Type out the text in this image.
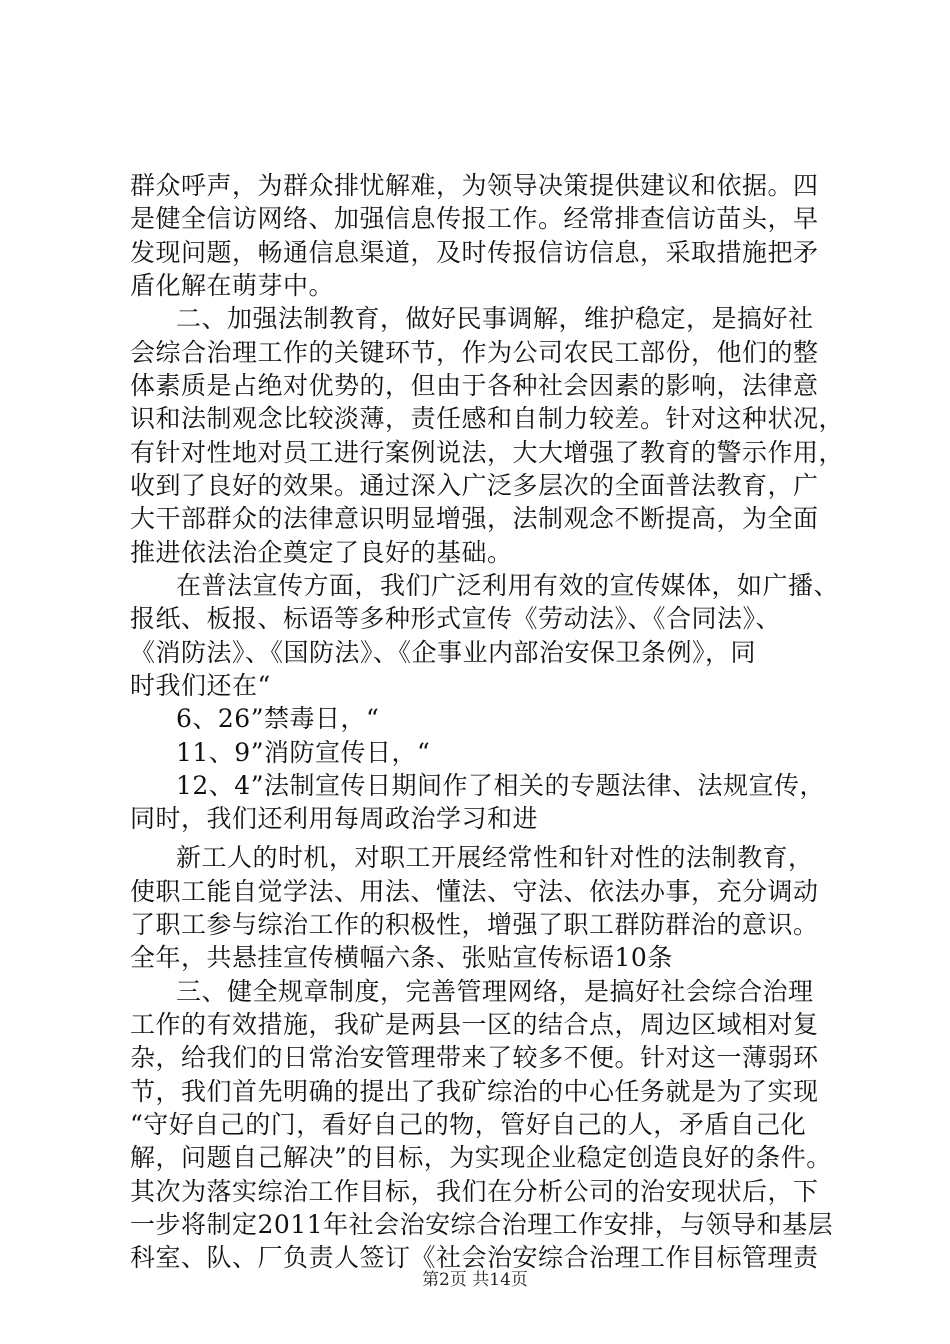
群众呼声，为群众排忧解难，为领导决策提供建议和依据。四
是健全信访网络、加强信息传报工作。经常排查信访苗头，早
发现问题，畅通信息渠道，及时传报信访信息，采取措施把矛
盾化解在萌芽中。
二、加强法制教育，做好民事调解，维护稳定，是搞好社
会综合治理工作的关键环节，作为公司农民工部份，他们的整
体素质是占绝对优势的，但由于各种社会因素的影响，法律意
识和法制观念比较淡薄，责任感和自制力较差。针对这种状况，
有针对性地对员工进行案例说法，大大增强了教育的警示作用，
收到了良好的效果。通过深入广泛多层次的全面普法教育，广
大干部群众的法律意识明显增强，法制观念不断提高，为全面
推进依法治企奠定了良好的基础。
在普法宣传方面，我们广泛利用有效的宣传媒体，如广播、
报纸、板报、标语等多种形式宣传《劳动法》、《合同法》、
《消防法》、《国防法》、《企事业内部治安保卫条例》，同
时我们还在“
6、26”禁毒日，“
11、9”消防宣传日，“
12、4”法制宣传日期间作了相关的专题法律、法规宣传，
同时，我们还利用每周政治学习和进
新工人的时机，对职工开展经常性和针对性的法制教育，
使职工能自觉学法、用法、懂法、守法、依法办事，充分调动
了职工参与综治工作的积极性，增强了职工群防群治的意识。
全年，共悬挂宣传横幅六条、张贴宣传标语10条
三、健全规章制度，完善管理网络，是搞好社会综合治理
工作的有效措施，我矿是两县一区的结合点，周边区域相对复
杂，给我们的日常治安管理带来了较多不便。针对这一薄弱环
节，我们首先明确的提出了我矿综治的中心任务就是为了实现
“守好自己的门，看好自己的物，管好自己的人，矛盾自己化
解，问题自己解决”的目标，为实现企业稳定创造良好的条件。
其次为落实综治工作目标，我们在分析公司的治安现状后，下
一步将制定2011年社会治安综合治理工作安排，与领导和基层
科室、队、厂负责人签订《社会治安综合治理工作目标管理责
第2页 共14页
